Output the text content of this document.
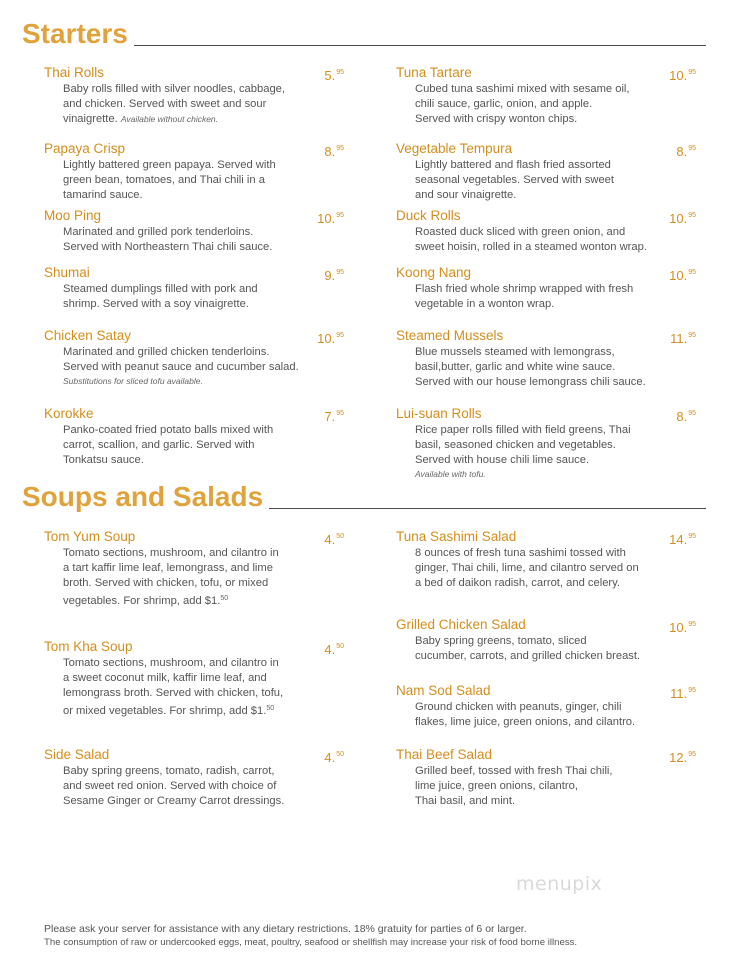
Starters
Soups and Salads
Thai Rolls	5.95
Baby rolls filled with silver noodles, cabbage,
and chicken. Served with sweet and sour
vinaigrette. Available without chicken.
Papaya Crisp	8.95
Lightly battered green papaya. Served with
green bean, tomatoes, and Thai chili in a
tamarind sauce.
Moo Ping	10.95
Marinated and grilled pork tenderloins.
Served with Northeastern Thai chili sauce.
Shumai	9.95
Steamed dumplings filled with pork and
shrimp. Served with a soy vinaigrette.
Chicken Satay	10.95
Marinated and grilled chicken tenderloins.
Served with peanut sauce and cucumber salad.
Substitutions for sliced tofu available.
Korokke	7.95
Panko-coated fried potato balls mixed with
carrot, scallion, and garlic. Served with
Tonkatsu sauce.
Tuna Tartare	10.95
Cubed tuna sashimi mixed with sesame oil,
chili sauce, garlic, onion, and apple.
Served with crispy wonton chips.
Vegetable Tempura	8.95
Lightly battered and flash fried assorted
seasonal vegetables. Served with sweet
and sour vinaigrette.
Duck Rolls	10.95
Roasted duck sliced with green onion, and
sweet hoisin, rolled in a steamed wonton wrap.
Koong Nang	10.95
Flash fried whole shrimp wrapped with fresh
vegetable in a wonton wrap.
Steamed Mussels	11.95
Blue mussels steamed with lemongrass,
basil,butter, garlic and white wine sauce.
Served with our house lemongrass chili sauce.
Lui-suan Rolls	8.95
Rice paper rolls filled with field greens, Thai
basil, seasoned chicken and vegetables.
Served with house chili lime sauce.
Available with tofu.
Tom Yum Soup	4.50
Tomato sections, mushroom, and cilantro in
a tart kaffir lime leaf, lemongrass, and lime
broth. Served with chicken, tofu, or mixed
vegetables. For shrimp, add $1.50
Tom Kha Soup	4.50
Tomato sections, mushroom, and cilantro in
a sweet coconut milk, kaffir lime leaf, and
lemongrass broth. Served with chicken, tofu,
or mixed vegetables. For shrimp, add $1.50
Side Salad	4.50
Baby spring greens, tomato, radish, carrot,
and sweet red onion. Served with choice of
Sesame Ginger or Creamy Carrot dressings.
Tuna Sashimi Salad	14.95
8 ounces of fresh tuna sashimi tossed with
ginger, Thai chili, lime, and cilantro served on
a bed of daikon radish, carrot, and celery.
Grilled Chicken Salad	10.95
Baby spring greens, tomato, sliced
cucumber, carrots, and grilled chicken breast.
Nam Sod Salad	11.95
Ground chicken with peanuts, ginger, chili
flakes, lime juice, green onions, and cilantro.
Thai Beef Salad	12.95
Grilled beef, tossed with fresh Thai chili,
lime juice, green onions, cilantro,
Thai basil, and mint.
menupix
Please ask your server for assistance with any dietary restrictions. 18% gratuity for parties of 6 or larger.
The consumption of raw or undercooked eggs, meat, poultry, seafood or shellfish may increase your risk of food borne illness.
